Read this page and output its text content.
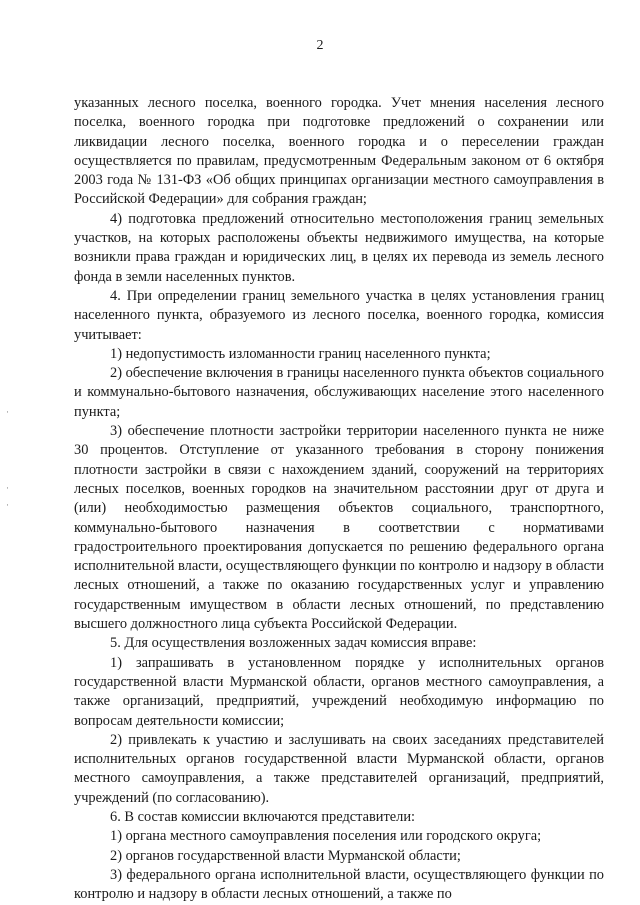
2
·
·
·

указанных лесного поселка, военного городка. Учет мнения населения лесного поселка, военного городка при подготовке предложений о сохранении или ликвидации лесного поселка, военного городка и о переселении граждан осуществляется по правилам, предусмотренным Федеральным законом от 6 октября 2003 года № 131-ФЗ «Об общих принципах организации местного самоуправления в Российской Федерации» для собрания граждан;

4) подготовка предложений относительно местоположения границ земельных участков, на которых расположены объекты недвижимого имущества, на которые возникли права граждан и юридических лиц, в целях их перевода из земель лесного фонда в земли населенных пунктов.

4. При определении границ земельного участка в целях установления границ населенного пункта, образуемого из лесного поселка, военного городка, комиссия учитывает:

1) недопустимость изломанности границ населенного пункта;

2) обеспечение включения в границы населенного пункта объектов социального и коммунально-бытового назначения, обслуживающих население этого населенного пункта;

3) обеспечение плотности застройки территории населенного пункта не ниже 30 процентов. Отступление от указанного требования в сторону понижения плотности застройки в связи с нахождением зданий, сооружений на территориях лесных поселков, военных городков на значительном расстоянии друг от друга и (или) необходимостью размещения объектов социального, транспортного, коммунально-бытового назначения в соответствии с нормативами градостроительного проектирования допускается по решению федерального органа исполнительной власти, осуществляющего функции по контролю и надзору в области лесных отношений, а также по оказанию государственных услуг и управлению государственным имуществом в области лесных отношений, по представлению высшего должностного лица субъекта Российской Федерации.

5. Для осуществления возложенных задач комиссия вправе:

1) запрашивать в установленном порядке у исполнительных органов государственной власти Мурманской области, органов местного самоуправления, а также организаций, предприятий, учреждений необходимую информацию по вопросам деятельности комиссии;

2) привлекать к участию и заслушивать на своих заседаниях представителей исполнительных органов государственной власти Мурманской области, органов местного самоуправления, а также представителей организаций, предприятий, учреждений (по согласованию).

6. В состав комиссии включаются представители:

1) органа местного самоуправления поселения или городского округа;

2) органов государственной власти Мурманской области;

3) федерального органа исполнительной власти, осуществляющего функции по контролю и надзору в области лесных отношений, а также по
